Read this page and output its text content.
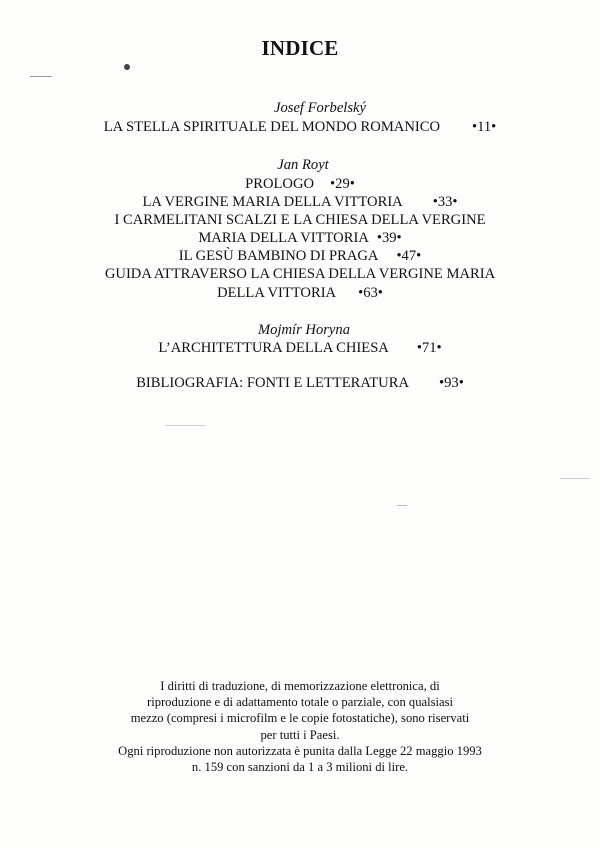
INDICE
Josef Forbelský
LA STELLA SPIRITUALE DEL MONDO ROMANICO •11•
Jan Royt
PROLOGO •29•
LA VERGINE MARIA DELLA VITTORIA •33•
I CARMELITANI SCALZI E LA CHIESA DELLA VERGINE
MARIA DELLA VITTORIA •39•
IL GESÙ BAMBINO DI PRAGA •47•
GUIDA ATTRAVERSO LA CHIESA DELLA VERGINE MARIA
DELLA VITTORIA •63•
Mojmír Horyna
L’ARCHITETTURA DELLA CHIESA •71•
BIBLIOGRAFIA: FONTI E LETTERATURA •93•
I diritti di traduzione, di memorizzazione elettronica, di
riproduzione e di adattamento totale o parziale, con qualsiasi
mezzo (compresi i microfilm e le copie fotostatiche), sono riservati
per tutti i Paesi.
Ogni riproduzione non autorizzata è punita dalla Legge 22 maggio 1993
n. 159 con sanzioni da 1 a 3 milioni di lire.
